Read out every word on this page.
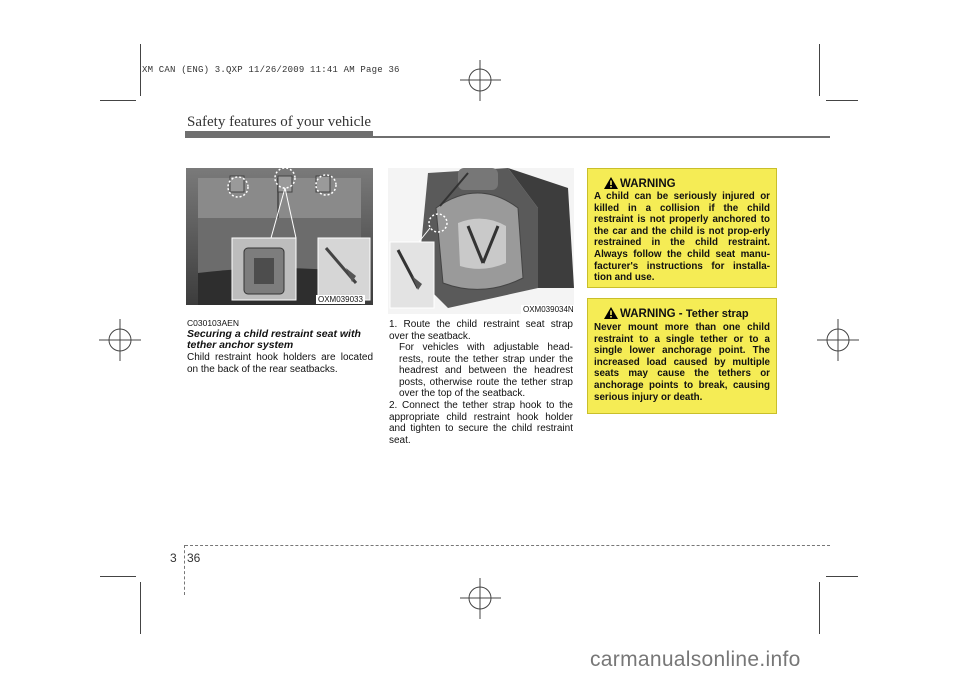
XM CAN (ENG) 3.QXP 11/26/2009 11:41 AM Page 36
Safety features of your vehicle
OXM039033
OXM039034N
C030103AEN
Securing a child restraint seat with tether anchor system
Child restraint hook holders are located on the back of the rear seatbacks.
1. Route the child restraint seat strap over the seatback.
For vehicles with adjustable head-rests, route the tether strap under the headrest and between the headrest posts, otherwise route the tether strap over the top of the seatback.
2. Connect the tether strap hook to the appropriate child restraint hook holder and tighten to secure the child restraint seat.
WARNING
A child can be seriously injured or killed in a collision if the child restraint is not properly anchored to the car and the child is not prop-erly restrained in the child restraint. Always follow the child seat manu-facturer's instructions for installa-tion and use.
WARNING - Tether strap
Never mount more than one child restraint to a single tether or to a single lower anchorage point. The increased load caused by multiple seats may cause the tethers or anchorage points to break, causing serious injury or death.
3 36
carmanualsonline.info
